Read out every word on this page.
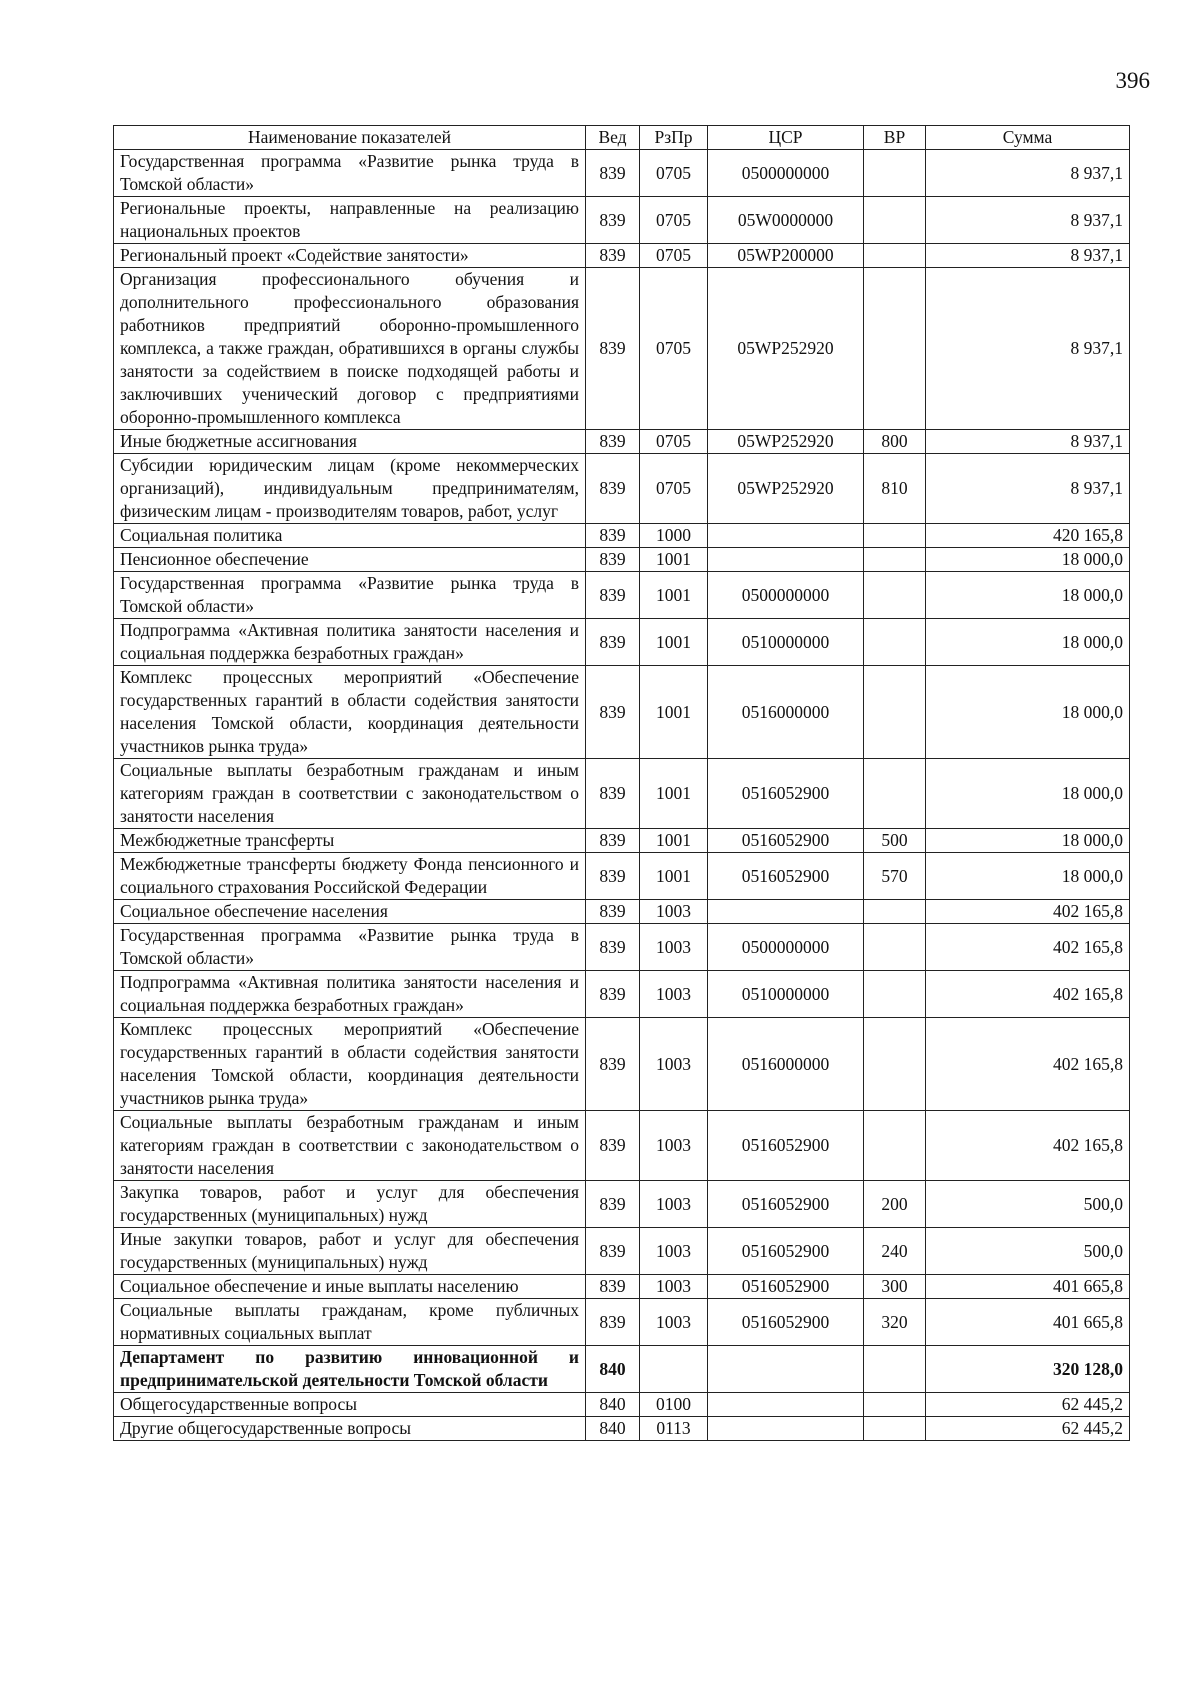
396
Наименование показателей	Вед	РзПр	ЦСР	ВР	Сумма
Государственная программа «Развитие рынка труда в Томской области»	839	0705	0500000000		8 937,1
Региональные проекты, направленные на реализацию национальных проектов	839	0705	05W0000000		8 937,1
Региональный проект «Содействие занятости»	839	0705	05WP200000		8 937,1
Организация профессионального обучения и дополнительного профессионального образования работников предприятий оборонно-промышленного комплекса, а также граждан, обратившихся в органы службы занятости за содействием в поиске подходящей работы и заключивших ученический договор с предприятиями оборонно-промышленного комплекса	839	0705	05WP252920		8 937,1
Иные бюджетные ассигнования	839	0705	05WP252920	800	8 937,1
Субсидии юридическим лицам (кроме некоммерческих организаций), индивидуальным предпринимателям, физическим лицам - производителям товаров, работ, услуг	839	0705	05WP252920	810	8 937,1
Социальная политика	839	1000			420 165,8
Пенсионное обеспечение	839	1001			18 000,0
Государственная программа «Развитие рынка труда в Томской области»	839	1001	0500000000		18 000,0
Подпрограмма «Активная политика занятости населения и социальная поддержка безработных граждан»	839	1001	0510000000		18 000,0
Комплекс процессных мероприятий «Обеспечение государственных гарантий в области содействия занятости населения Томской области, координация деятельности участников рынка труда»	839	1001	0516000000		18 000,0
Социальные выплаты безработным гражданам и иным категориям граждан в соответствии с законодательством о занятости населения	839	1001	0516052900		18 000,0
Межбюджетные трансферты	839	1001	0516052900	500	18 000,0
Межбюджетные трансферты бюджету Фонда пенсионного и социального страхования Российской Федерации	839	1001	0516052900	570	18 000,0
Социальное обеспечение населения	839	1003			402 165,8
Государственная программа «Развитие рынка труда в Томской области»	839	1003	0500000000		402 165,8
Подпрограмма «Активная политика занятости населения и социальная поддержка безработных граждан»	839	1003	0510000000		402 165,8
Комплекс процессных мероприятий «Обеспечение государственных гарантий в области содействия занятости населения Томской области, координация деятельности участников рынка труда»	839	1003	0516000000		402 165,8
Социальные выплаты безработным гражданам и иным категориям граждан в соответствии с законодательством о занятости населения	839	1003	0516052900		402 165,8
Закупка товаров, работ и услуг для обеспечения государственных (муниципальных) нужд	839	1003	0516052900	200	500,0
Иные закупки товаров, работ и услуг для обеспечения государственных (муниципальных) нужд	839	1003	0516052900	240	500,0
Социальное обеспечение и иные выплаты населению	839	1003	0516052900	300	401 665,8
Социальные выплаты гражданам, кроме публичных нормативных социальных выплат	839	1003	0516052900	320	401 665,8
Департамент по развитию инновационной и предпринимательской деятельности Томской области	840				320 128,0
Общегосударственные вопросы	840	0100			62 445,2
Другие общегосударственные вопросы	840	0113			62 445,2
